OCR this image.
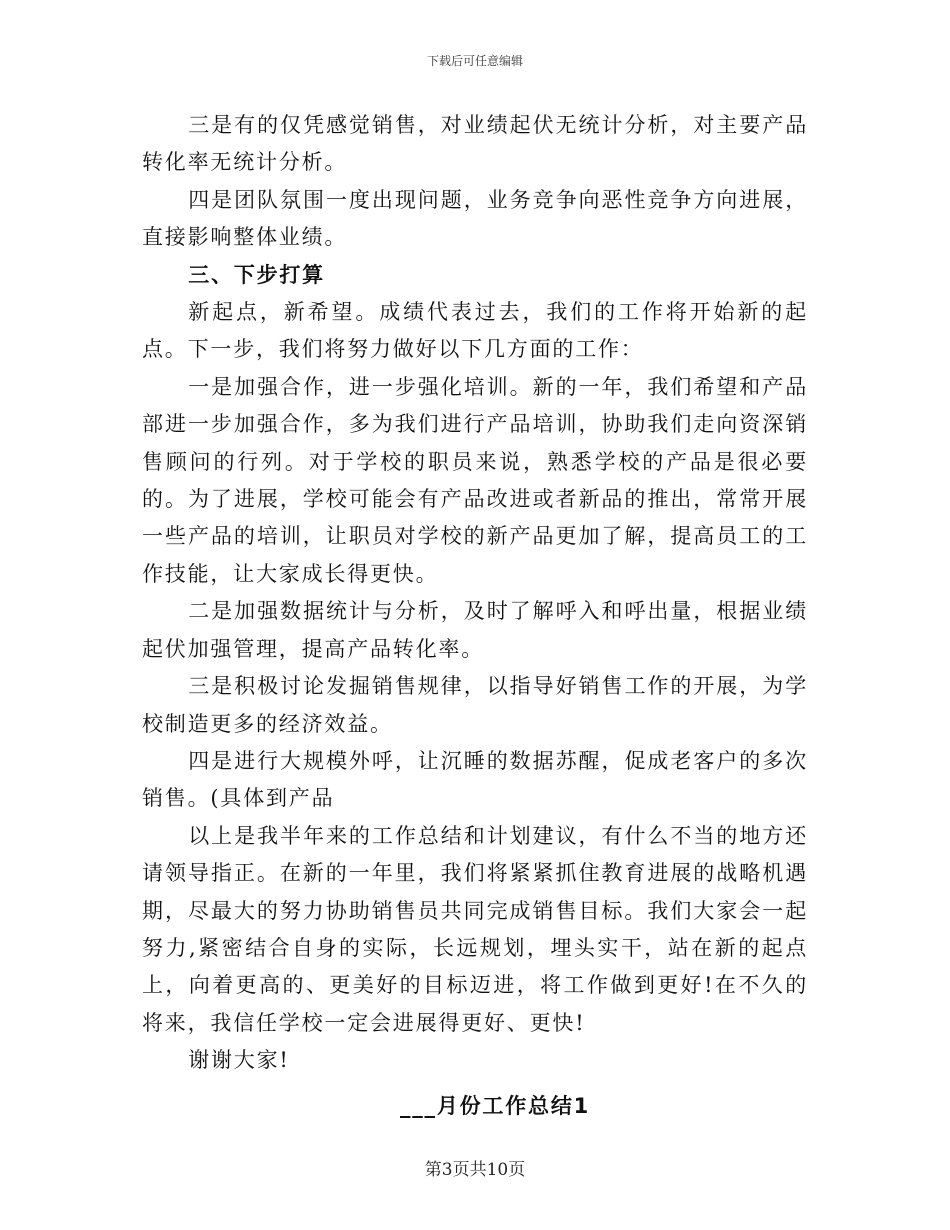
下载后可任意编辑

三是有的仅凭感觉销售，对业绩起伏无统计分析，对主要产品转化率无统计分析。

四是团队氛围一度出现问题，业务竞争向恶性竞争方向进展，直接影响整体业绩。

三、下步打算

新起点，新希望。成绩代表过去，我们的工作将开始新的起点。下一步，我们将努力做好以下几方面的工作：

一是加强合作，进一步强化培训。新的一年，我们希望和产品部进一步加强合作，多为我们进行产品培训，协助我们走向资深销售顾问的行列。对于学校的职员来说，熟悉学校的产品是很必要的。为了进展，学校可能会有产品改进或者新品的推出，常常开展一些产品的培训，让职员对学校的新产品更加了解，提高员工的工作技能，让大家成长得更快。

二是加强数据统计与分析，及时了解呼入和呼出量，根据业绩起伏加强管理，提高产品转化率。

三是积极讨论发掘销售规律，以指导好销售工作的开展，为学校制造更多的经济效益。

四是进行大规模外呼，让沉睡的数据苏醒，促成老客户的多次销售。(具体到产品

以上是我半年来的工作总结和计划建议，有什么不当的地方还请领导指正。在新的一年里，我们将紧紧抓住教育进展的战略机遇期，尽最大的努力协助销售员共同完成销售目标。我们大家会一起努力,紧密结合自身的实际，长远规划，埋头实干，站在新的起点上，向着更高的、更美好的目标迈进，将工作做到更好!在不久的将来，我信任学校一定会进展得更好、更快!

谢谢大家!

___月份工作总结1
第3页共10页
